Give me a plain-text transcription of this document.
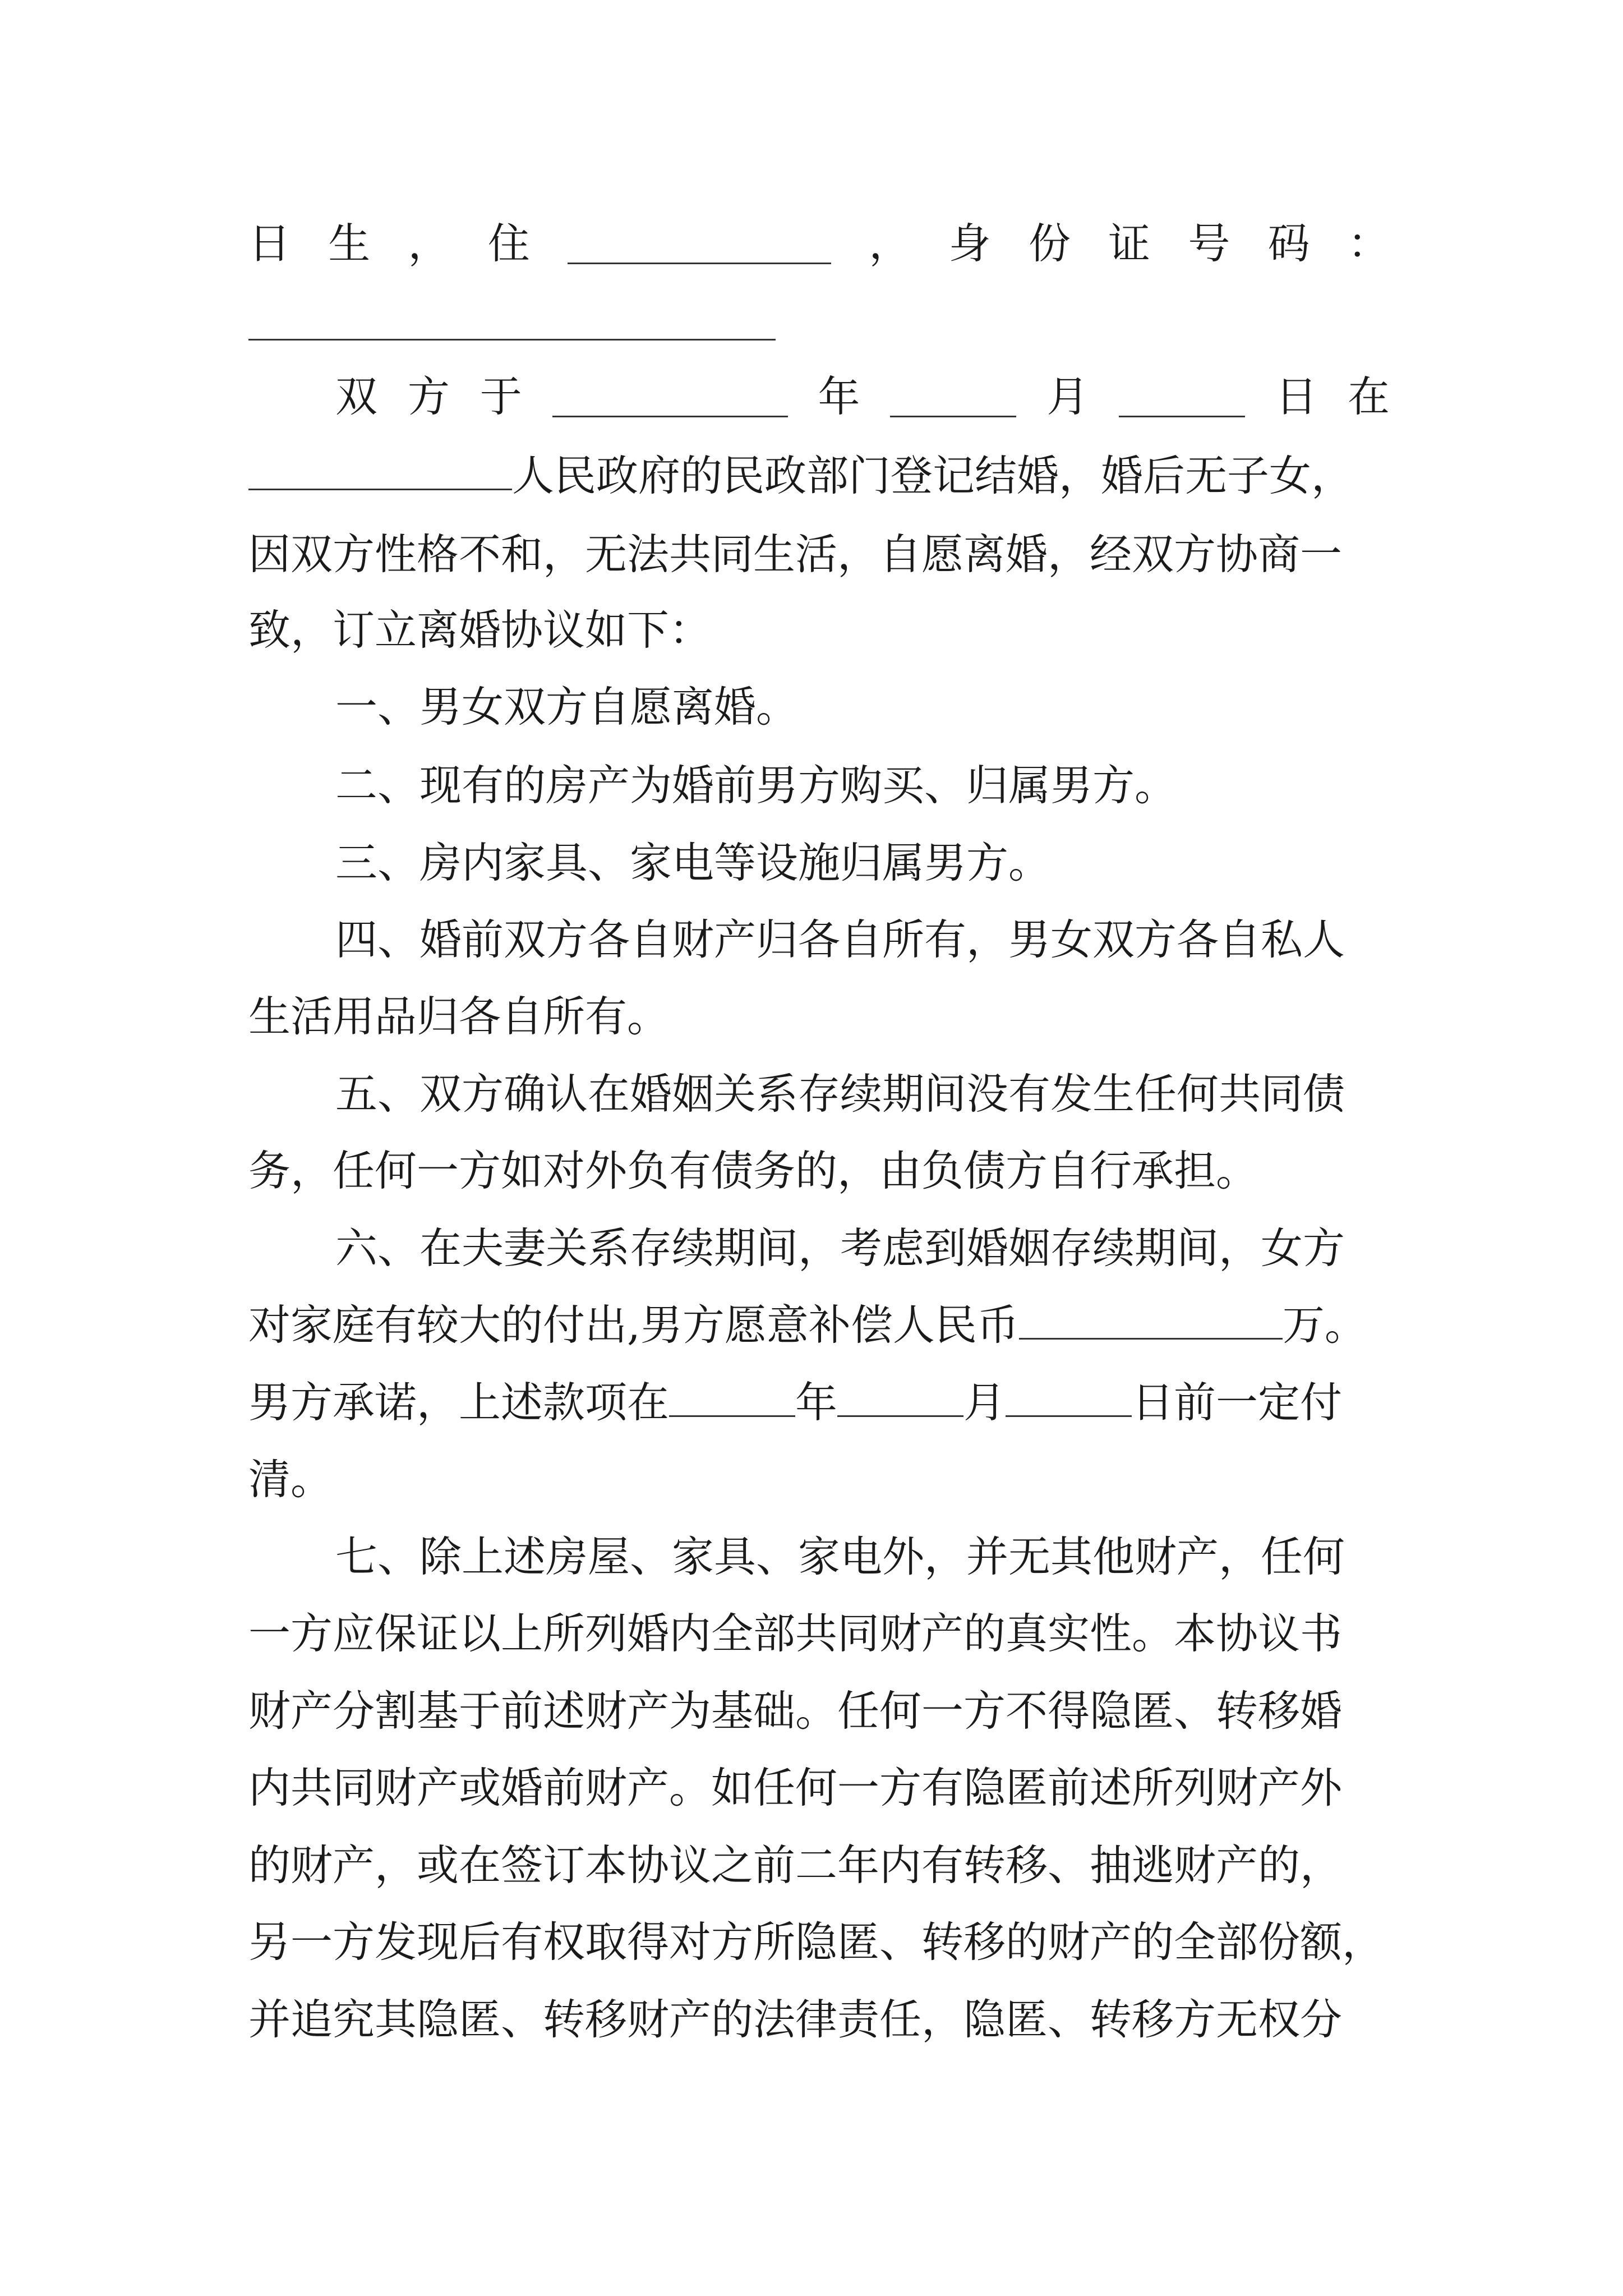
日 生 ， 住	， 身 份 证 号 码 ：
双 方 于	年	月	日 在
人民政府的民政部门登记结婚，婚后无子女，
因双方性格不和，无法共同生活，自愿离婚，经双方协商一
致，订立离婚协议如下：
一、男女双方自愿离婚。
二、现有的房产为婚前男方购买、归属男方。
三、房内家具、家电等设施归属男方。
四、婚前双方各自财产归各自所有，男女双方各自私人
生活用品归各自所有。
五、双方确认在婚姻关系存续期间没有发生任何共同债
务，任何一方如对外负有债务的，由负债方自行承担。
六、在夫妻关系存续期间，考虑到婚姻存续期间，女方
对家庭有较大的付出,男方愿意补偿人民币	万。
男方承诺，上述款项在	年	月	日前一定付
清。
七、除上述房屋、家具、家电外，并无其他财产，任何
一方应保证以上所列婚内全部共同财产的真实性。本协议书
财产分割基于前述财产为基础。任何一方不得隐匿、转移婚
内共同财产或婚前财产。如任何一方有隐匿前述所列财产外
的财产，或在签订本协议之前二年内有转移、抽逃财产的，
另一方发现后有权取得对方所隐匿、转移的财产的全部份额，
并追究其隐匿、转移财产的法律责任，隐匿、转移方无权分
